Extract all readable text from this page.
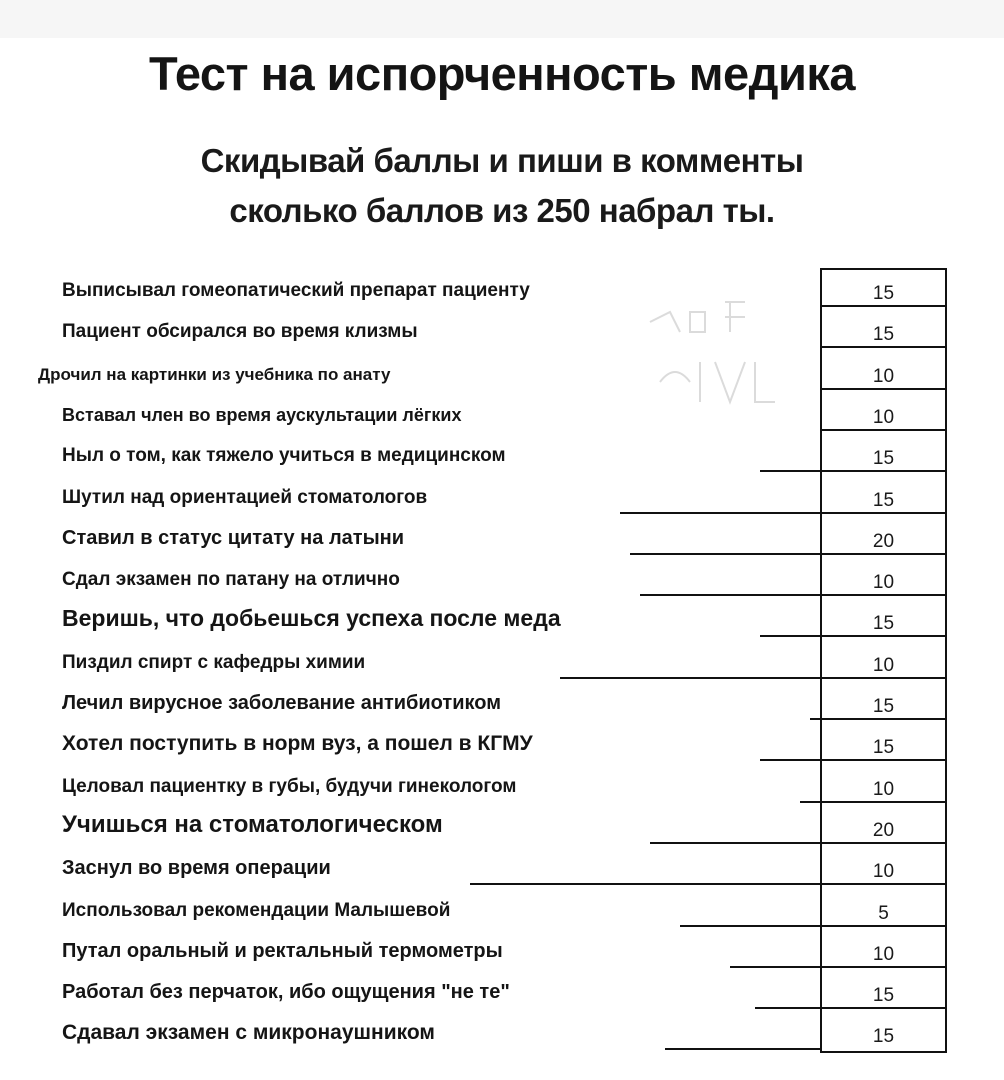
Тест на испорченность медика
Скидывай баллы и пиши в комменты
сколько баллов из 250 набрал ты.
Выписывал гомеопатический препарат пациенту	15
Пациент обсирался во время клизмы	15
Дрочил на картинки из учебника по анату	10
Вставал член во время аускультации лёгких	10
Ныл о том, как тяжело учиться в медицинском	15
Шутил над ориентацией стоматологов	15
Ставил в статус цитату на латыни	20
Сдал экзамен по патану на отлично	10
Веришь, что добьешься успеха после меда	15
Пиздил спирт с кафедры химии	10
Лечил вирусное заболевание антибиотиком	15
Хотел поступить в норм вуз, а пошел в КГМУ	15
Целовал пациентку в губы, будучи гинекологом	10
Учишься на стоматологическом	20
Заснул во время операции	10
Использовал рекомендации Малышевой	5
Путал оральный и ректальный термометры	10
Работал без перчаток, ибо ощущения "не те"	15
Сдавал экзамен с микронаушником	15
